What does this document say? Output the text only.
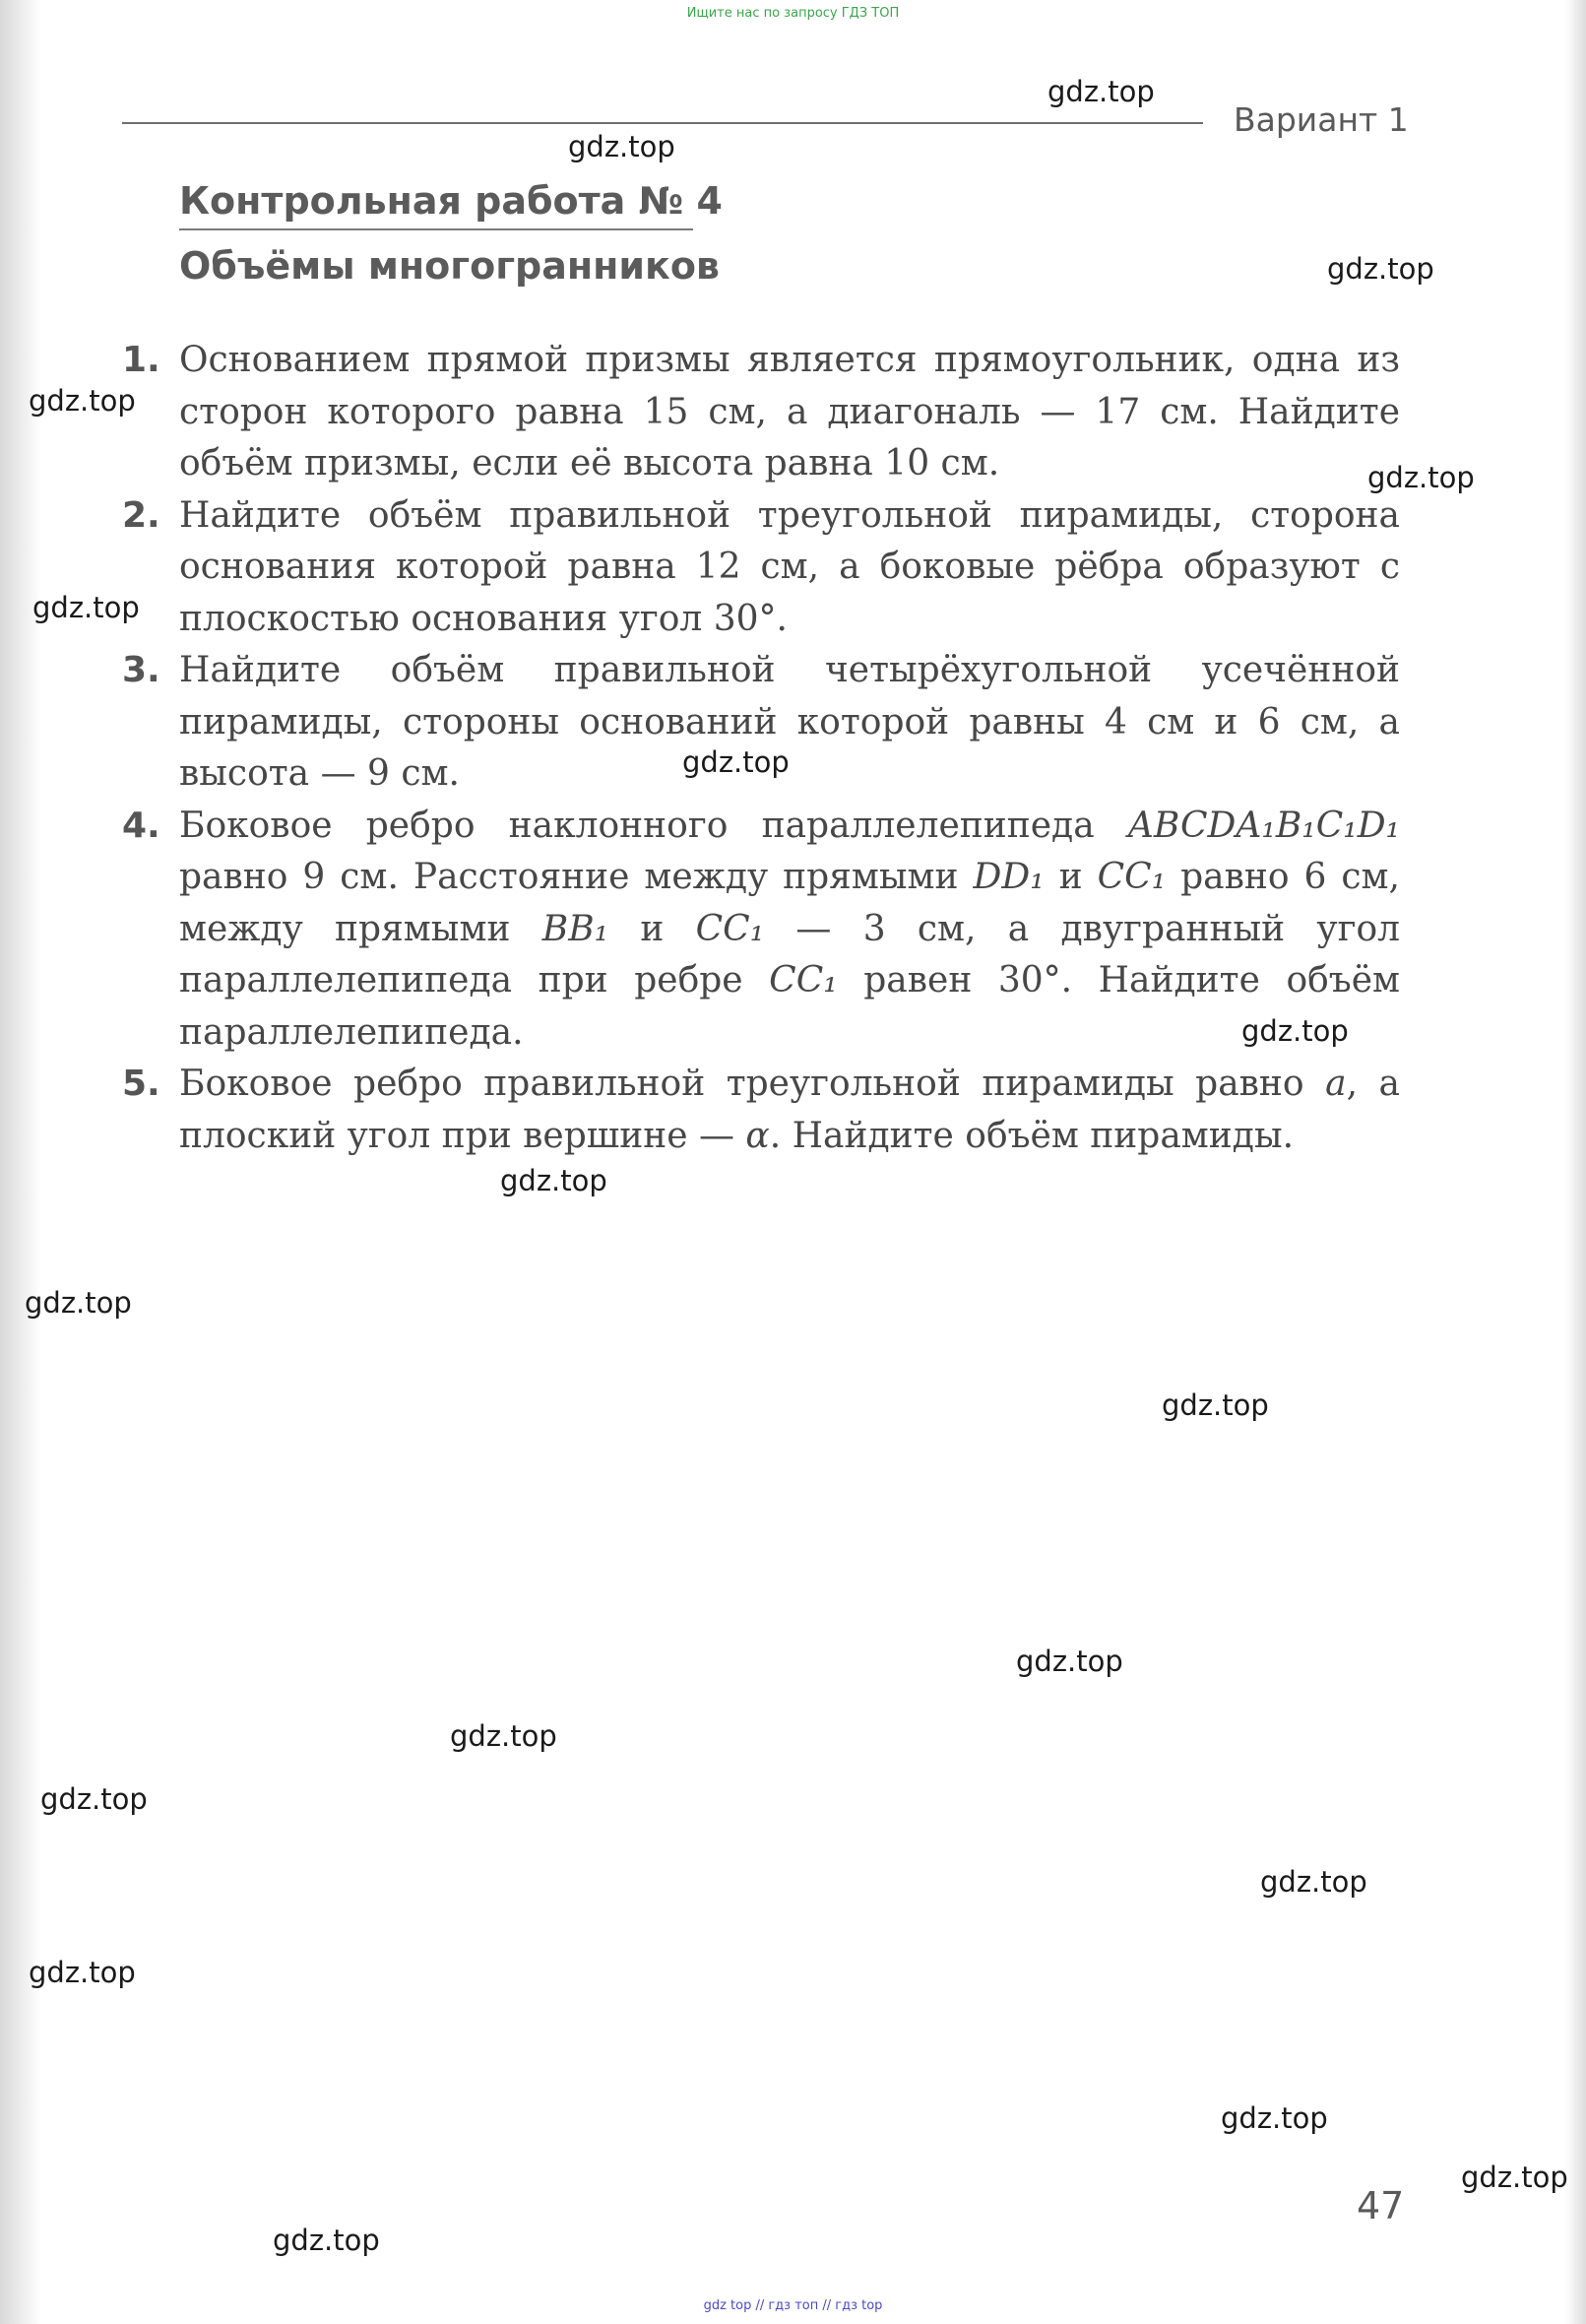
Ищите нас по запросу ГДЗ ТОП
Вариант 1
Контрольная работа № 4
Объёмы многогранников
1. Основанием прямой призмы является прямоугольник, одна из сторон которого равна 15 см, а диагональ — 17 см. Найдите объём призмы, если её высота равна 10 см.
2. Найдите объём правильной треугольной пирамиды, сторона основания которой равна 12 см, а боковые рёбра образуют с плоскостью основания угол 30°.
3. Найдите объём правильной четырёхугольной усечённой пирамиды, стороны оснований которой равны 4 см и 6 см, а высота — 9 см.
4. Боковое ребро наклонного параллелепипеда ABCDA₁B₁C₁D₁ равно 9 см. Расстояние между прямыми DD₁ и CC₁ равно 6 см, между прямыми BB₁ и CC₁ — 3 см, а двугранный угол параллелепипеда при ребре CC₁ равен 30°. Найдите объём параллелепипеда.
5. Боковое ребро правильной треугольной пирамиды равно a, а плоский угол при вершине — α. Найдите объём пирамиды.
47
gdz.top
gdz.top
gdz.top
gdz.top
gdz.top
gdz.top
gdz.top
gdz.top
gdz.top
gdz.top
gdz.top
gdz.top
gdz.top
gdz.top
gdz.top
gdz.top
gdz.top
gdz.top
gdz.top
gdz top // гдз топ // гдз top
